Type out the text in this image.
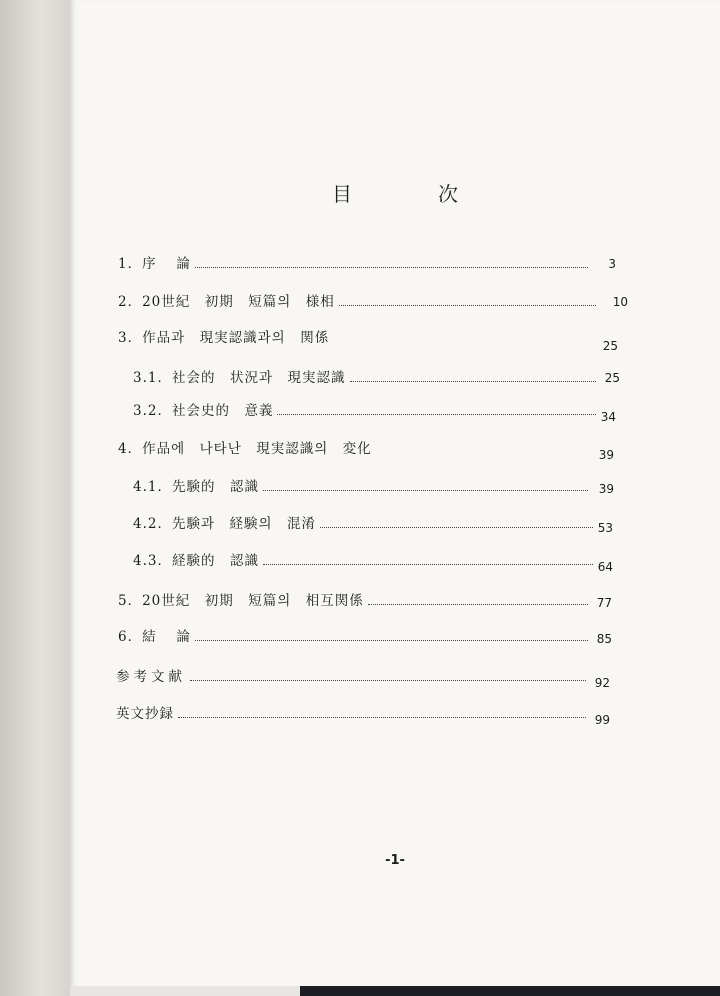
目次
1．序　 論	3
2．20世紀　初期　短篇의　様相	10
3．作品과　現実認識과의　関係	25
3.1．社会的　状況과　現実認識	25
3.2．社会史的　意義	34
4．作品에　나타난　現実認識의　変化	39
4.1．先験的　認識	39
4.2．先験과　経験의　混淆	53
4.3．経験的　認識	64
5．20世紀　初期　短篇의　相互関係	77
6．結　 論	85
参考文献	92
英文抄録	99
-1-
